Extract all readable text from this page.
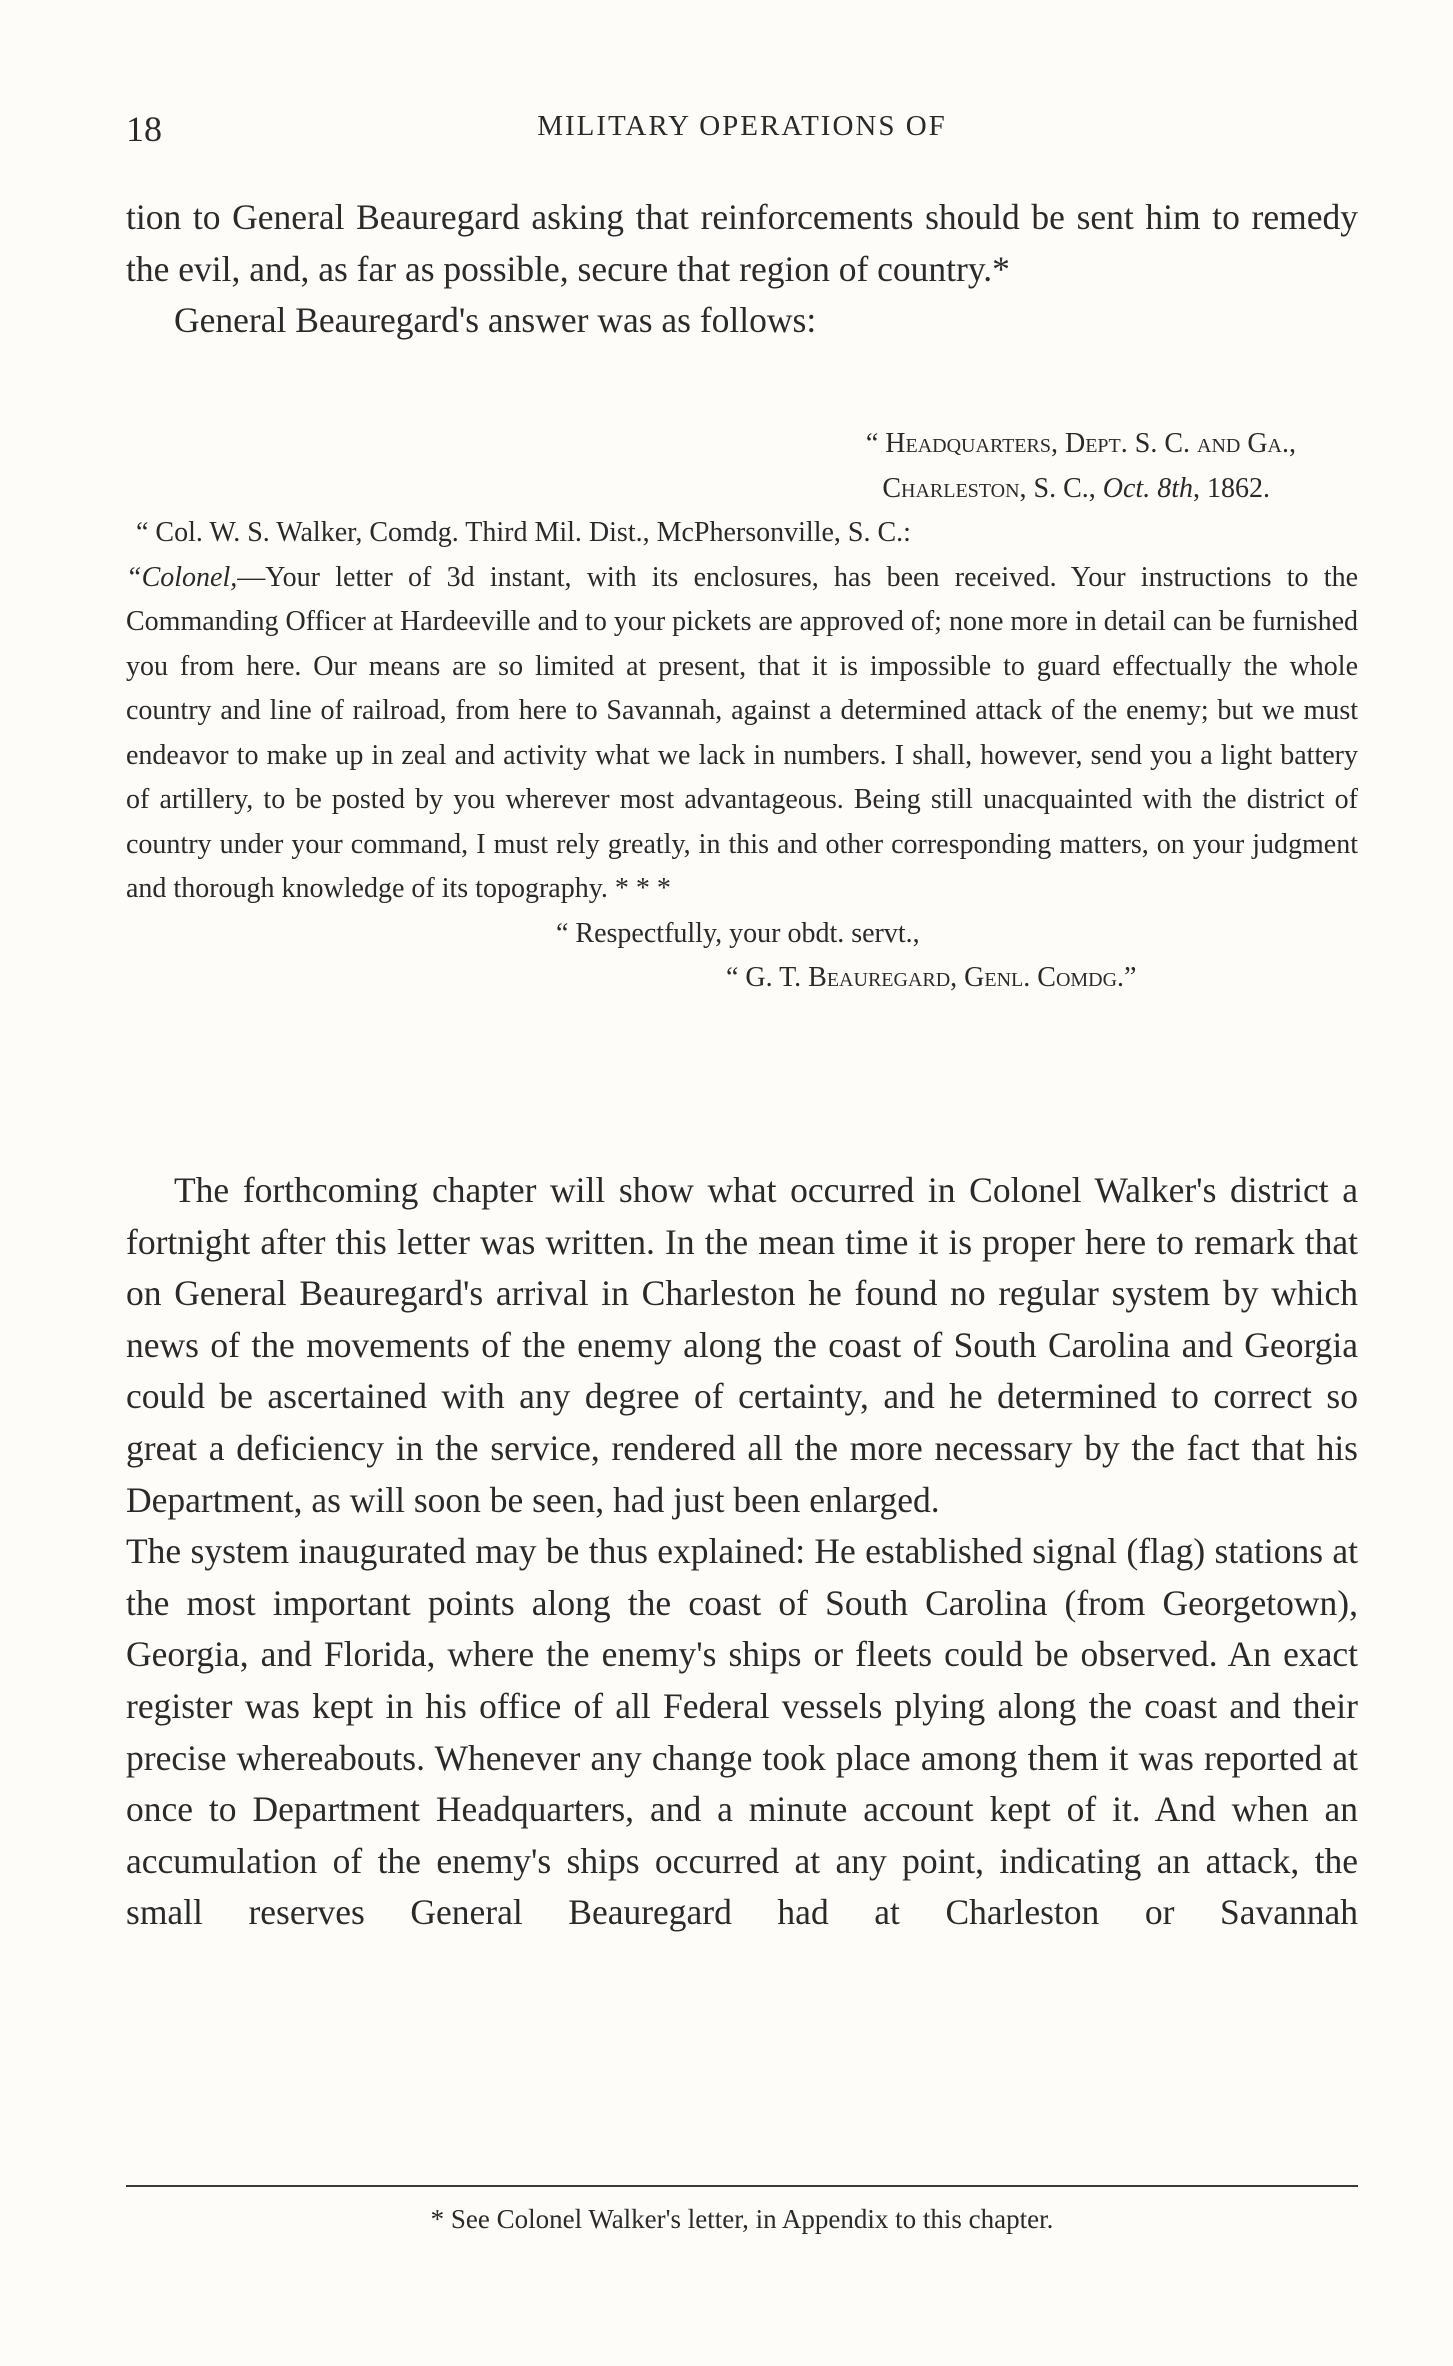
18	MILITARY OPERATIONS OF

tion to General Beauregard asking that reinforcements should be sent him to remedy the evil, and, as far as possible, secure that region of country.*

General Beauregard's answer was as follows:

“ Headquarters, Dept. S. C. and Ga.,
Charleston, S. C., Oct. 8th, 1862.
“ Col. W. S. Walker, Comdg. Third Mil. Dist., McPhersonville, S. C.:

“Colonel,—Your letter of 3d instant, with its enclosures, has been received. Your instructions to the Commanding Officer at Hardeeville and to your pickets are approved of; none more in detail can be furnished you from here. Our means are so limited at present, that it is impossible to guard effectually the whole country and line of railroad, from here to Savannah, against a determined attack of the enemy; but we must endeavor to make up in zeal and activity what we lack in numbers. I shall, however, send you a light battery of artillery, to be posted by you wherever most advantageous. Being still unacquainted with the district of country under your command, I must rely greatly, in this and other corresponding matters, on your judgment and thorough knowledge of its topography. * * *

“ Respectfully, your obdt. servt.,
“ G. T. Beauregard, Genl. Comdg.”

The forthcoming chapter will show what occurred in Colonel Walker's district a fortnight after this letter was written. In the mean time it is proper here to remark that on General Beauregard's arrival in Charleston he found no regular system by which news of the movements of the enemy along the coast of South Carolina and Georgia could be ascertained with any degree of certainty, and he determined to correct so great a deficiency in the service, rendered all the more necessary by the fact that his Department, as will soon be seen, had just been enlarged.

The system inaugurated may be thus explained: He established signal (flag) stations at the most important points along the coast of South Carolina (from Georgetown), Georgia, and Florida, where the enemy's ships or fleets could be observed. An exact register was kept in his office of all Federal vessels plying along the coast and their precise whereabouts. Whenever any change took place among them it was reported at once to Department Headquarters, and a minute account kept of it. And when an accumulation of the enemy's ships occurred at any point, indicating an attack, the small reserves General Beauregard had at Charleston or Savannah

* See Colonel Walker's letter, in Appendix to this chapter.
